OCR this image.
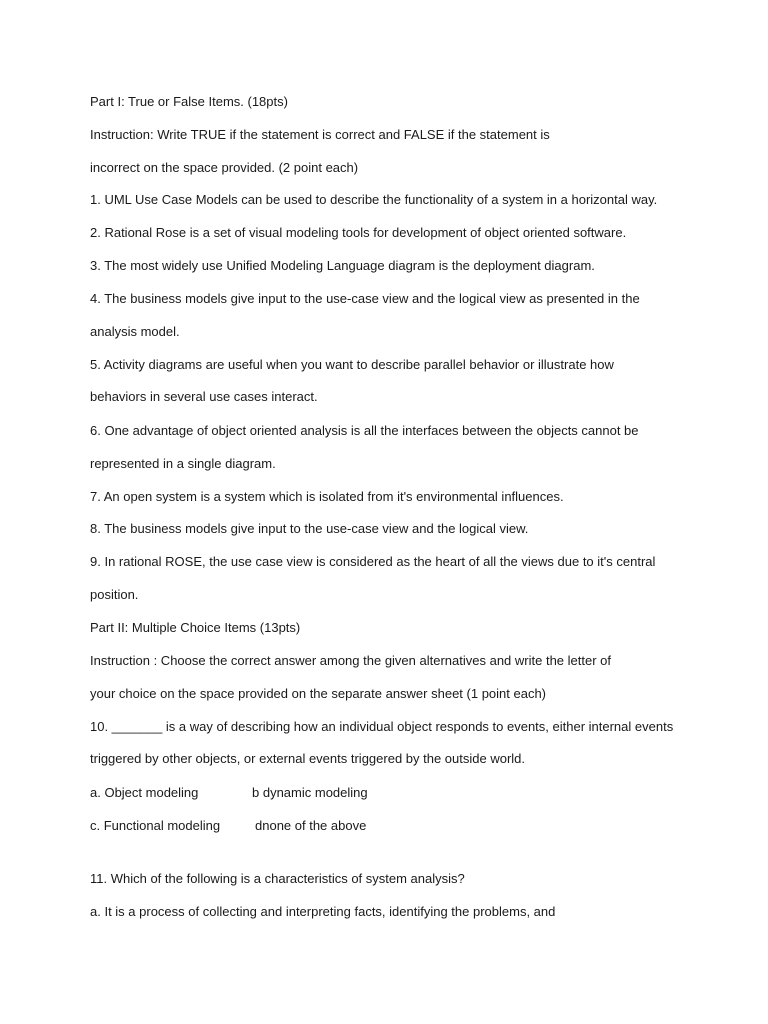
Part I: True or False Items. (18pts)
Instruction: Write TRUE if the statement is correct and FALSE if the statement is
incorrect on the space provided. (2 point each)
1. UML Use Case Models can be used to describe the functionality of a system in a horizontal way.
2. Rational Rose is a set of visual modeling tools for development of object oriented software.
3. The most widely use Unified Modeling Language diagram is the deployment diagram.
4. The business models give input to the use-case view and the logical view as presented in the
analysis model.
5. Activity diagrams are useful when you want to describe parallel behavior or illustrate how
behaviors in several use cases interact.
6. One advantage of object oriented analysis is all the interfaces between the objects cannot be
represented in a single diagram.
7. An open system is a system which is isolated from it's environmental influences.
8. The business models give input to the use-case view and the logical view.
9. In rational ROSE, the use case view is considered as the heart of all the views due to it's central
position.
Part II: Multiple Choice Items (13pts)
Instruction : Choose the correct answer among the given alternatives and write the letter of
your choice on the space provided on the separate answer sheet (1 point each)
10. _______ is a way of describing how an individual object responds to events, either internal events
triggered by other objects, or external events triggered by the outside world.
a. Object modeling	b dynamic modeling
c. Functional modeling	dnone of the above
11. Which of the following is a characteristics of system analysis?
a. It is a process of collecting and interpreting facts, identifying the problems, and
